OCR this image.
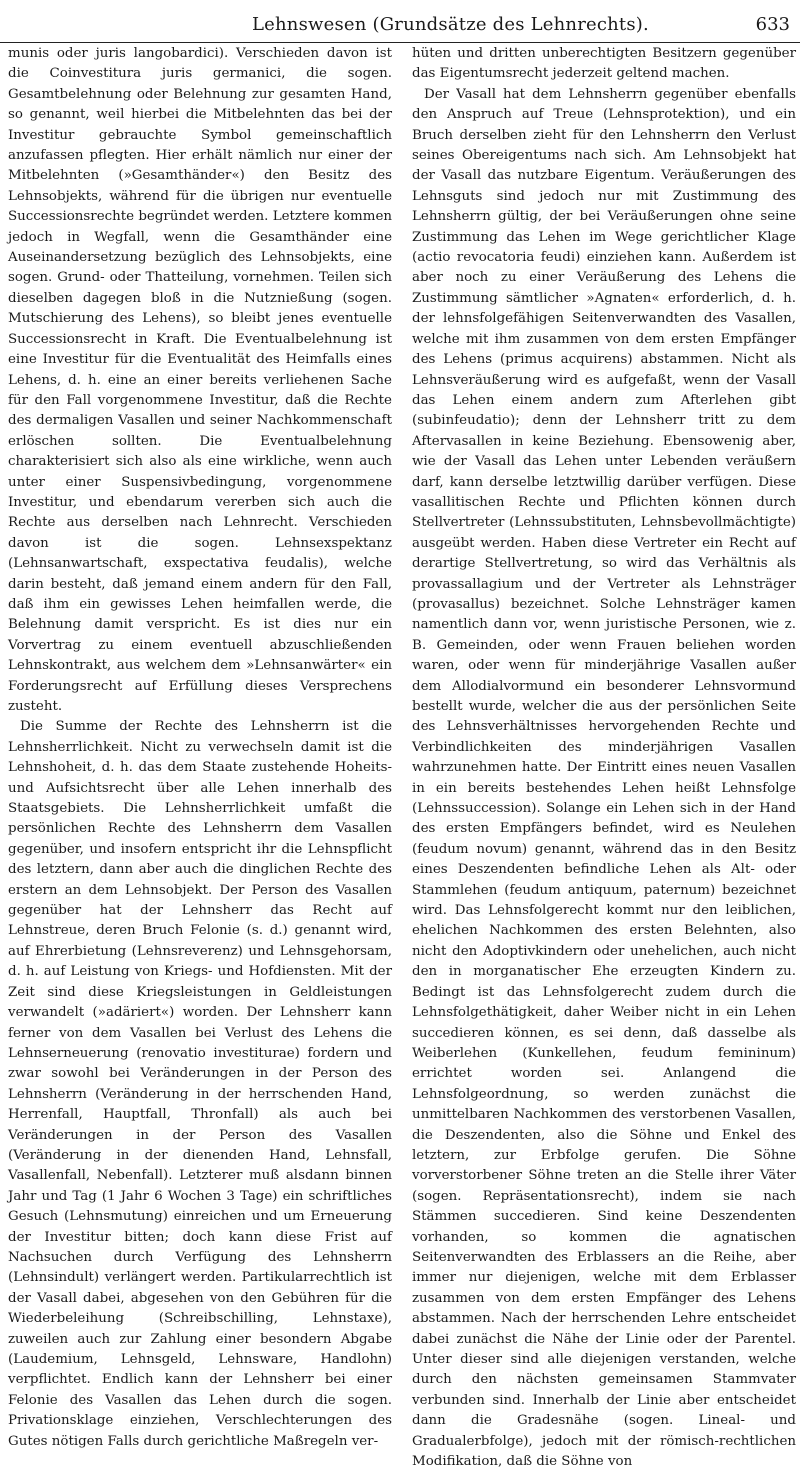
Lehnswesen (Grundsätze des Lehnrechts).	633

munis oder juris langobardici). Verschieden davon ist die Coinvestitura juris germanici, die sogen. Gesamtbelehnung oder Belehnung zur gesamten Hand, so genannt, weil hierbei die Mitbelehnten das bei der Investitur gebrauchte Symbol gemeinschaftlich anzufassen pflegten. Hier erhält nämlich nur einer der Mitbelehnten (»Gesamthänder«) den Besitz des Lehnsobjekts, während für die übrigen nur eventuelle Successionsrechte begründet werden. Letztere kommen jedoch in Wegfall, wenn die Gesamthänder eine Auseinandersetzung bezüglich des Lehnsobjekts, eine sogen. Grund- oder Thatteilung, vornehmen. Teilen sich dieselben dagegen bloß in die Nutznießung (sogen. Mutschierung des Lehens), so bleibt jenes eventuelle Successionsrecht in Kraft. Die Eventualbelehnung ist eine Investitur für die Eventualität des Heimfalls eines Lehens, d. h. eine an einer bereits verliehenen Sache für den Fall vorgenommene Investitur, daß die Rechte des dermaligen Vasallen und seiner Nachkommenschaft erlöschen sollten. Die Eventualbelehnung charakterisiert sich also als eine wirkliche, wenn auch unter einer Suspensivbedingung, vorgenommene Investitur, und ebendarum vererben sich auch die Rechte aus derselben nach Lehnrecht. Verschieden davon ist die sogen. Lehnsexspektanz (Lehnsanwartschaft, exspectativa feudalis), welche darin besteht, daß jemand einem andern für den Fall, daß ihm ein gewisses Lehen heimfallen werde, die Belehnung damit verspricht. Es ist dies nur ein Vorvertrag zu einem eventuell abzuschließenden Lehnskontrakt, aus welchem dem »Lehnsanwärter« ein Forderungsrecht auf Erfüllung dieses Versprechens zusteht.

Die Summe der Rechte des Lehnsherrn ist die Lehnsherrlichkeit. Nicht zu verwechseln damit ist die Lehnshoheit, d. h. das dem Staate zustehende Hoheits- und Aufsichtsrecht über alle Lehen innerhalb des Staatsgebiets. Die Lehnsherrlichkeit umfaßt die persönlichen Rechte des Lehnsherrn dem Vasallen gegenüber, und insofern entspricht ihr die Lehnspflicht des letztern, dann aber auch die dinglichen Rechte des erstern an dem Lehnsobjekt. Der Person des Vasallen gegenüber hat der Lehnsherr das Recht auf Lehnstreue, deren Bruch Felonie (s. d.) genannt wird, auf Ehrerbietung (Lehnsreverenz) und Lehnsgehorsam, d. h. auf Leistung von Kriegs- und Hofdiensten. Mit der Zeit sind diese Kriegsleistungen in Geldleistungen verwandelt (»adäriert«) worden. Der Lehnsherr kann ferner von dem Vasallen bei Verlust des Lehens die Lehnserneuerung (renovatio investiturae) fordern und zwar sowohl bei Veränderungen in der Person des Lehnsherrn (Veränderung in der herrschenden Hand, Herrenfall, Hauptfall, Thronfall) als auch bei Veränderungen in der Person des Vasallen (Veränderung in der dienenden Hand, Lehnsfall, Vasallenfall, Nebenfall). Letzterer muß alsdann binnen Jahr und Tag (1 Jahr 6 Wochen 3 Tage) ein schriftliches Gesuch (Lehnsmutung) einreichen und um Erneuerung der Investitur bitten; doch kann diese Frist auf Nachsuchen durch Verfügung des Lehnsherrn (Lehnsindult) verlängert werden. Partikularrechtlich ist der Vasall dabei, abgesehen von den Gebühren für die Wiederbeleihung (Schreibschilling, Lehnstaxe), zuweilen auch zur Zahlung einer besondern Abgabe (Laudemium, Lehnsgeld, Lehnsware, Handlohn) verpflichtet. Endlich kann der Lehnsherr bei einer Felonie des Vasallen das Lehen durch die sogen. Privationsklage einziehen, Verschlechterungen des Gutes nötigen Falls durch gerichtliche Maßregeln ver-

hüten und dritten unberechtigten Besitzern gegenüber das Eigentumsrecht jederzeit geltend machen.

Der Vasall hat dem Lehnsherrn gegenüber ebenfalls den Anspruch auf Treue (Lehnsprotektion), und ein Bruch derselben zieht für den Lehnsherrn den Verlust seines Obereigentums nach sich. Am Lehnsobjekt hat der Vasall das nutzbare Eigentum. Veräußerungen des Lehnsguts sind jedoch nur mit Zustimmung des Lehnsherrn gültig, der bei Veräußerungen ohne seine Zustimmung das Lehen im Wege gerichtlicher Klage (actio revocatoria feudi) einziehen kann. Außerdem ist aber noch zu einer Veräußerung des Lehens die Zustimmung sämtlicher »Agnaten« erforderlich, d. h. der lehnsfolgefähigen Seitenverwandten des Vasallen, welche mit ihm zusammen von dem ersten Empfänger des Lehens (primus acquirens) abstammen. Nicht als Lehnsveräußerung wird es aufgefaßt, wenn der Vasall das Lehen einem andern zum Afterlehen gibt (subinfeudatio); denn der Lehnsherr tritt zu dem Aftervasallen in keine Beziehung. Ebensowenig aber, wie der Vasall das Lehen unter Lebenden veräußern darf, kann derselbe letztwillig darüber verfügen. Diese vasallitischen Rechte und Pflichten können durch Stellvertreter (Lehnssubstituten, Lehnsbevollmächtigte) ausgeübt werden. Haben diese Vertreter ein Recht auf derartige Stellvertretung, so wird das Verhältnis als provassallagium und der Vertreter als Lehnsträger (provasallus) bezeichnet. Solche Lehnsträger kamen namentlich dann vor, wenn juristische Personen, wie z. B. Gemeinden, oder wenn Frauen beliehen worden waren, oder wenn für minderjährige Vasallen außer dem Allodialvormund ein besonderer Lehnsvormund bestellt wurde, welcher die aus der persönlichen Seite des Lehnsverhältnisses hervorgehenden Rechte und Verbindlichkeiten des minderjährigen Vasallen wahrzunehmen hatte. Der Eintritt eines neuen Vasallen in ein bereits bestehendes Lehen heißt Lehnsfolge (Lehnssuccession). Solange ein Lehen sich in der Hand des ersten Empfängers befindet, wird es Neulehen (feudum novum) genannt, während das in den Besitz eines Deszendenten befindliche Lehen als Alt- oder Stammlehen (feudum antiquum, paternum) bezeichnet wird. Das Lehnsfolgerecht kommt nur den leiblichen, ehelichen Nachkommen des ersten Belehnten, also nicht den Adoptivkindern oder unehelichen, auch nicht den in morganatischer Ehe erzeugten Kindern zu. Bedingt ist das Lehnsfolgerecht zudem durch die Lehnsfolgethätigkeit, daher Weiber nicht in ein Lehen succedieren können, es sei denn, daß dasselbe als Weiberlehen (Kunkellehen, feudum femininum) errichtet worden sei. Anlangend die Lehnsfolgeordnung, so werden zunächst die unmittelbaren Nachkommen des verstorbenen Vasallen, die Deszendenten, also die Söhne und Enkel des letztern, zur Erbfolge gerufen. Die Söhne vorverstorbener Söhne treten an die Stelle ihrer Väter (sogen. Repräsentationsrecht), indem sie nach Stämmen succedieren. Sind keine Deszendenten vorhanden, so kommen die agnatischen Seitenverwandten des Erblassers an die Reihe, aber immer nur diejenigen, welche mit dem Erblasser zusammen von dem ersten Empfänger des Lehens abstammen. Nach der herrschenden Lehre entscheidet dabei zunächst die Nähe der Linie oder der Parentel. Unter dieser sind alle diejenigen verstanden, welche durch den nächsten gemeinsamen Stammvater verbunden sind. Innerhalb der Linie aber entscheidet dann die Gradesnähe (sogen. Lineal- und Gradualerbfolge), jedoch mit der römisch-rechtlichen Modifikation, daß die Söhne von
